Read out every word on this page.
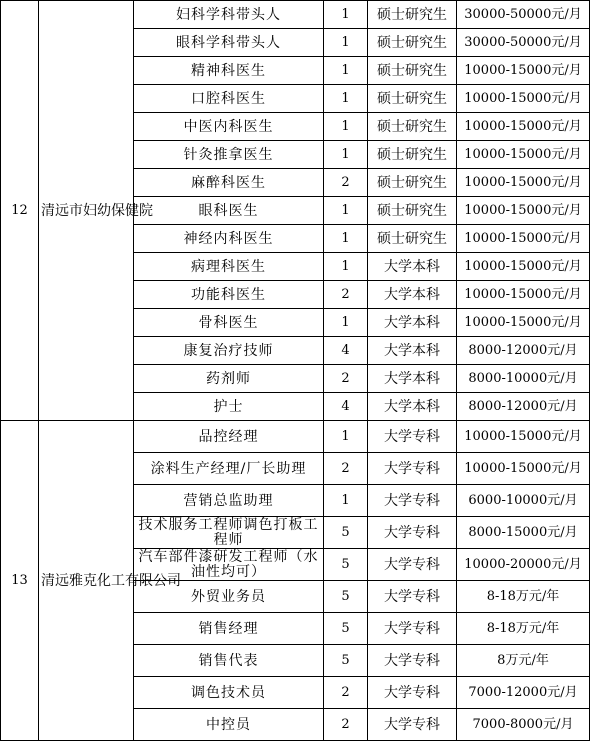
12	清远市妇幼保健院	妇科学科带头人	1	硕士研究生	30000-50000元/月
		眼科学科带头人	1	硕士研究生	30000-50000元/月
		精神科医生	1	硕士研究生	10000-15000元/月
		口腔科医生	1	硕士研究生	10000-15000元/月
		中医内科医生	1	硕士研究生	10000-15000元/月
		针灸推拿医生	1	硕士研究生	10000-15000元/月
		麻醉科医生	2	硕士研究生	10000-15000元/月
		眼科医生	1	硕士研究生	10000-15000元/月
		神经内科医生	1	硕士研究生	10000-15000元/月
		病理科医生	1	大学本科	10000-15000元/月
		功能科医生	2	大学本科	10000-15000元/月
		骨科医生	1	大学本科	10000-15000元/月
		康复治疗技师	4	大学本科	8000-12000元/月
		药剂师	2	大学本科	8000-10000元/月
		护士	4	大学本科	8000-12000元/月
13	清远雅克化工有限公司	品控经理	1	大学专科	10000-15000元/月
		涂料生产经理/厂长助理	2	大学专科	10000-15000元/月
		营销总监助理	1	大学专科	6000-10000元/月

		技术服务工程师调色打板工程师	5	大学专科	8000-15000元/月

		汽车部件漆研发工程师（水油性均可）	5	大学专科	10000-20000元/月
		外贸业务员	5	大学专科	8-18万元/年
		销售经理	5	大学专科	8-18万元/年
		销售代表	5	大学专科	8万元/年
		调色技术员	2	大学专科	7000-12000元/月
		中控员	2	大学专科	7000-8000元/月
